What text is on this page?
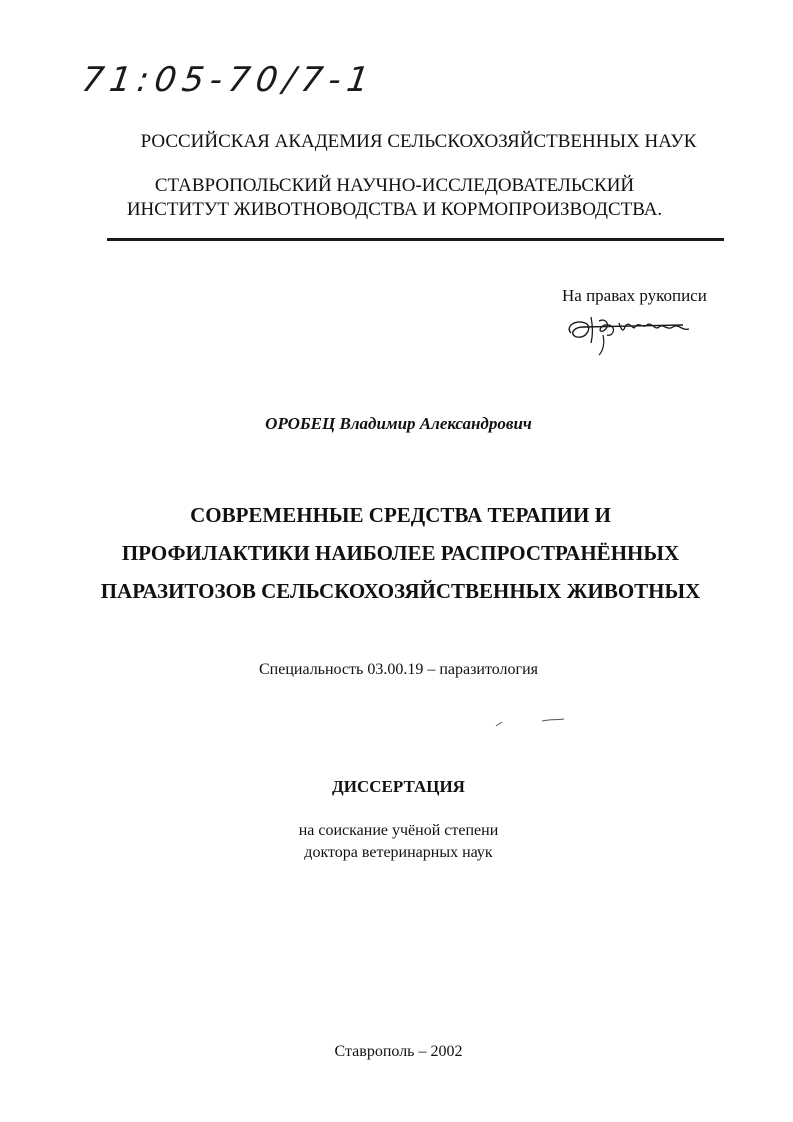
71:05-70/7-1
РОССИЙСКАЯ АКАДЕМИЯ СЕЛЬСКОХОЗЯЙСТВЕННЫХ НАУК
СТАВРОПОЛЬСКИЙ НАУЧНО-ИССЛЕДОВАТЕЛЬСКИЙ
ИНСТИТУТ ЖИВОТНОВОДСТВА И КОРМОПРОИЗВОДСТВА.
На правах рукописи
ОРОБЕЦ Владимир Александрович
СОВРЕМЕННЫЕ СРЕДСТВА ТЕРАПИИ И
ПРОФИЛАКТИКИ НАИБОЛЕЕ РАСПРОСТРАНЁННЫХ
ПАРАЗИТОЗОВ СЕЛЬСКОХОЗЯЙСТВЕННЫХ ЖИВОТНЫХ
Специальность 03.00.19 – паразитология
ДИССЕРТАЦИЯ
на соискание учёной степени
доктора ветеринарных наук
Ставрополь – 2002
